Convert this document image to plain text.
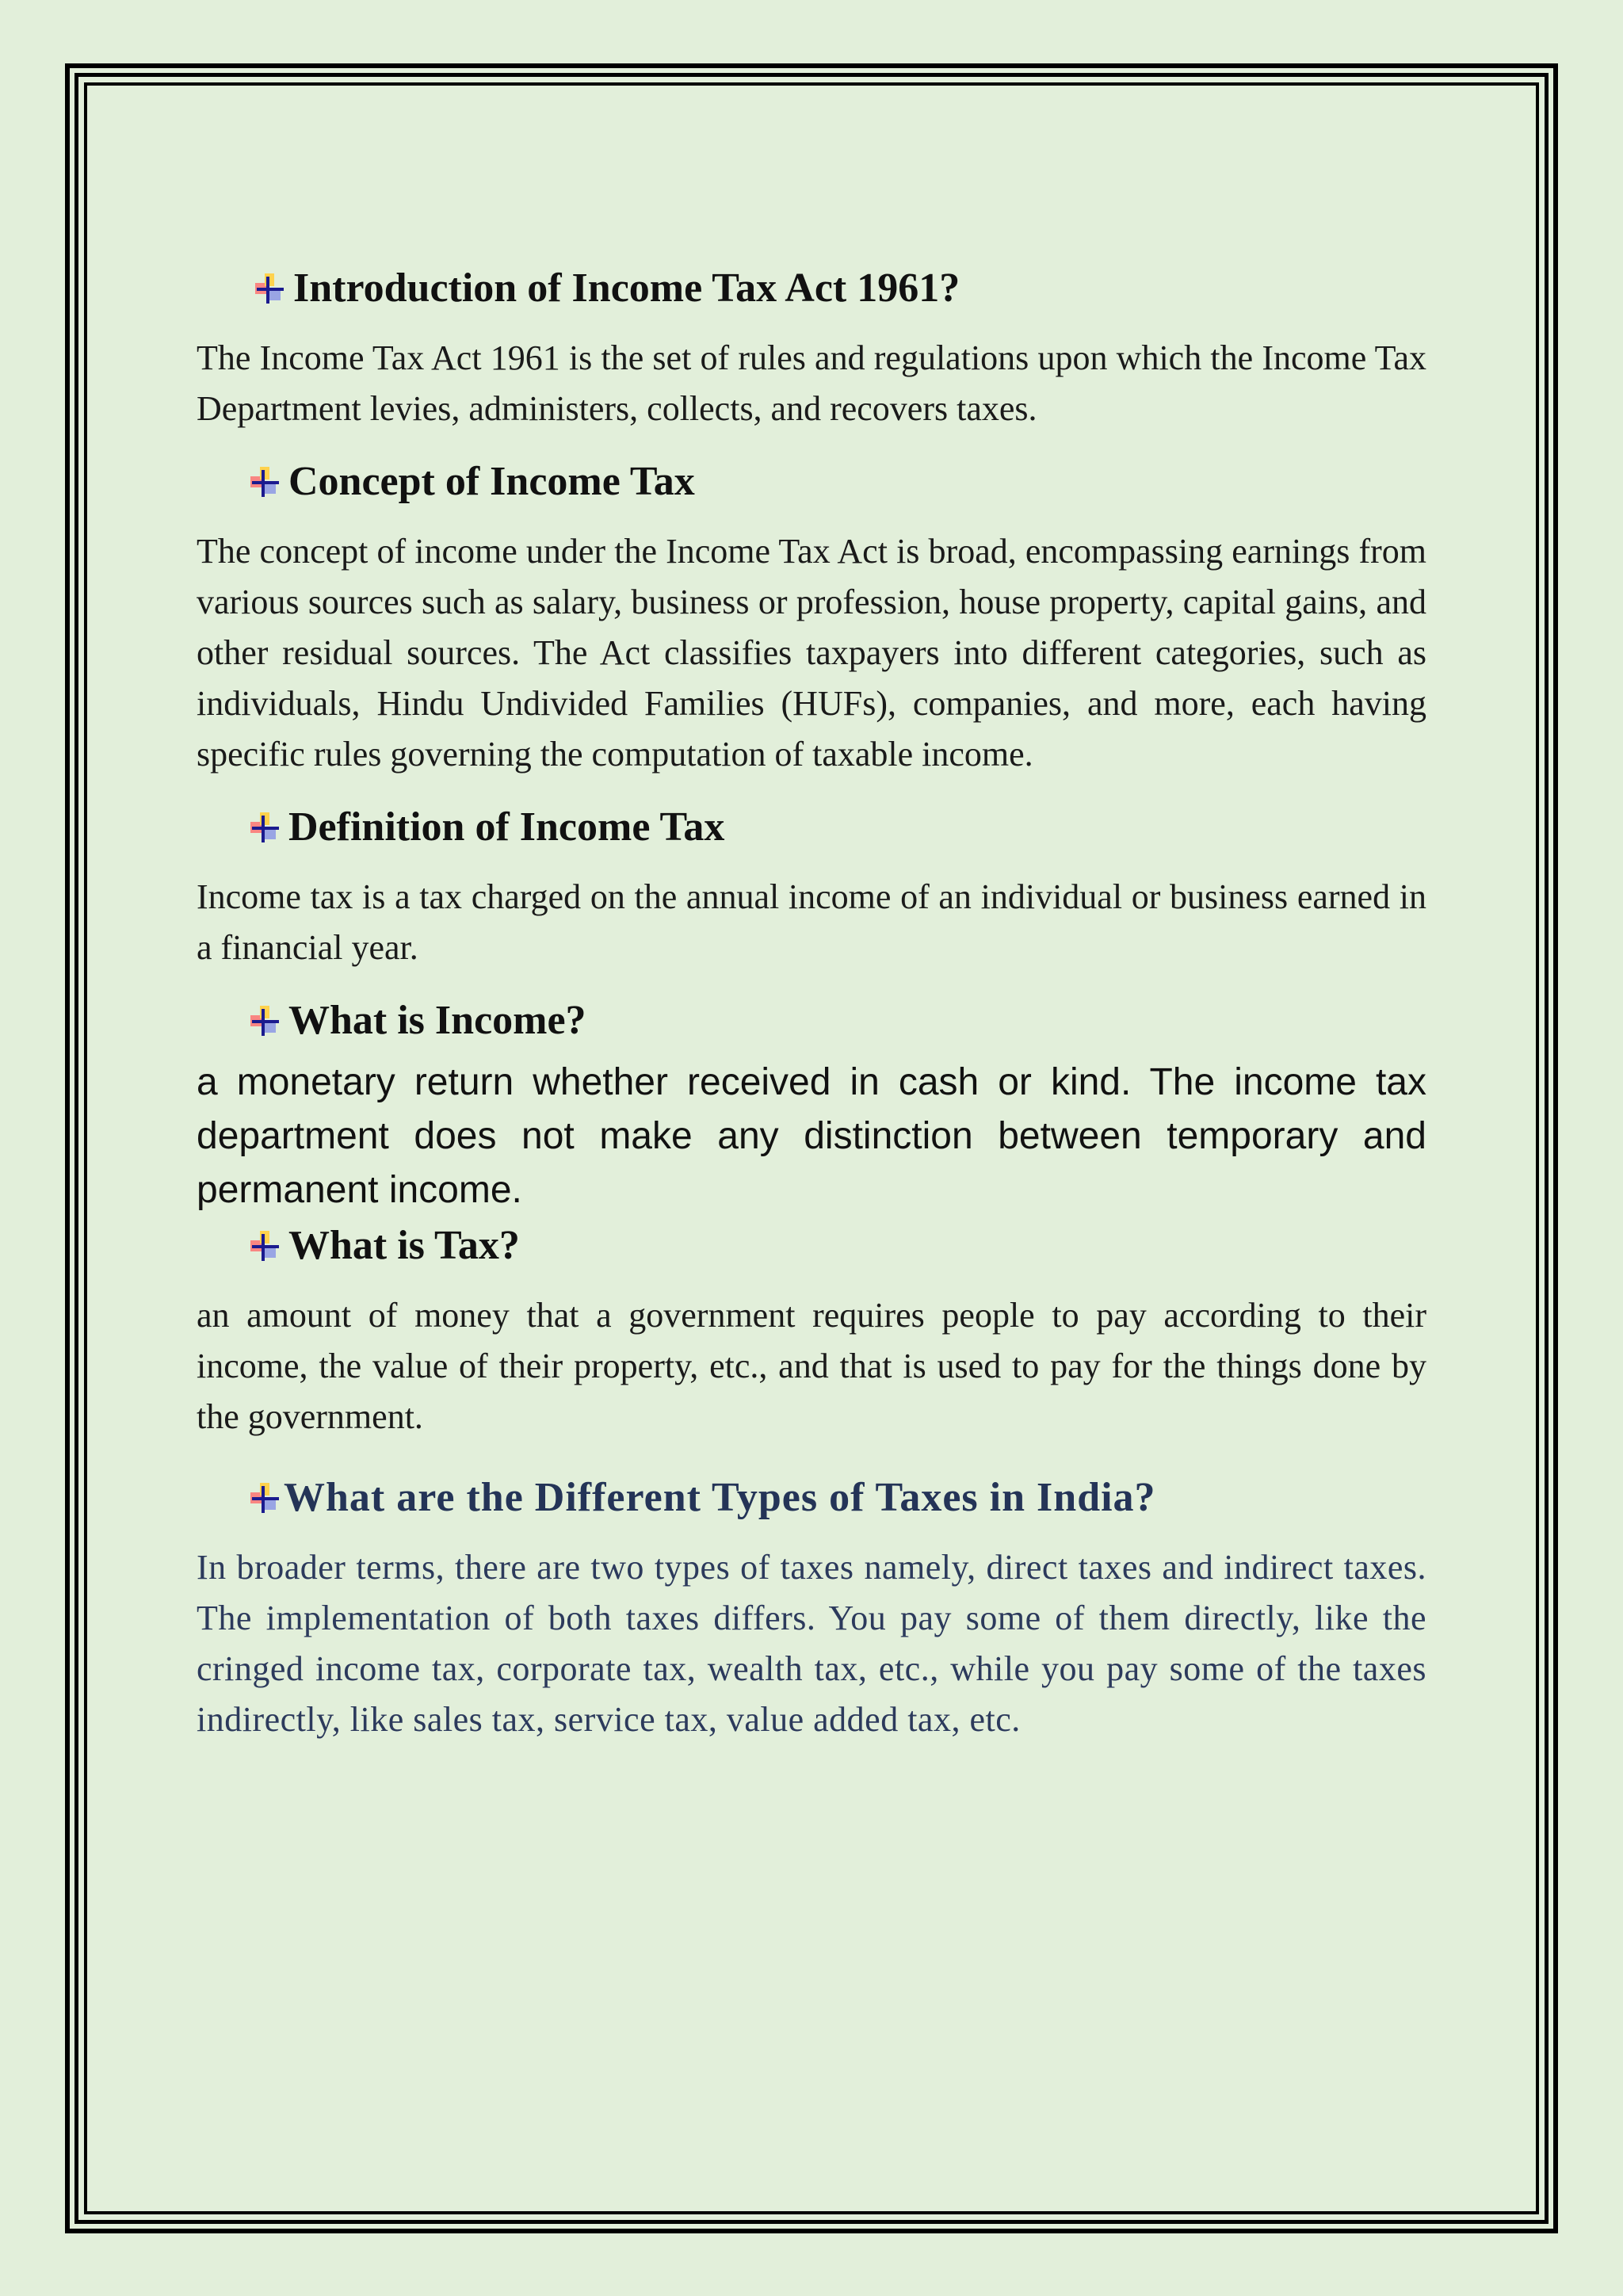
Introduction of Income Tax Act 1961?

The Income Tax Act 1961 is the set of rules and regulations upon which the Income Tax Department levies, administers, collects, and recovers taxes.

Concept of Income Tax

The concept of income under the Income Tax Act is broad, encompassing earnings from various sources such as salary, business or profession, house property, capital gains, and other residual sources. The Act classifies taxpayers into different categories, such as individuals, Hindu Undivided Families (HUFs), companies, and more, each having specific rules governing the computation of taxable income.

Definition of Income Tax

Income tax is a tax charged on the annual income of an individual or business earned in a financial year.

What is Income?

a monetary return whether received in cash or kind. The income tax department does not make any distinction between temporary and permanent income.

What is Tax?

an amount of money that a government requires people to pay according to their income, the value of their property, etc., and that is used to pay for the things done by the government.

What are the Different Types of Taxes in India?

In broader terms, there are two types of taxes namely, direct taxes and indirect taxes. The implementation of both taxes differs. You pay some of them directly, like the cringed income tax, corporate tax, wealth tax, etc., while you pay some of the taxes indirectly, like sales tax, service tax, value added tax, etc.
